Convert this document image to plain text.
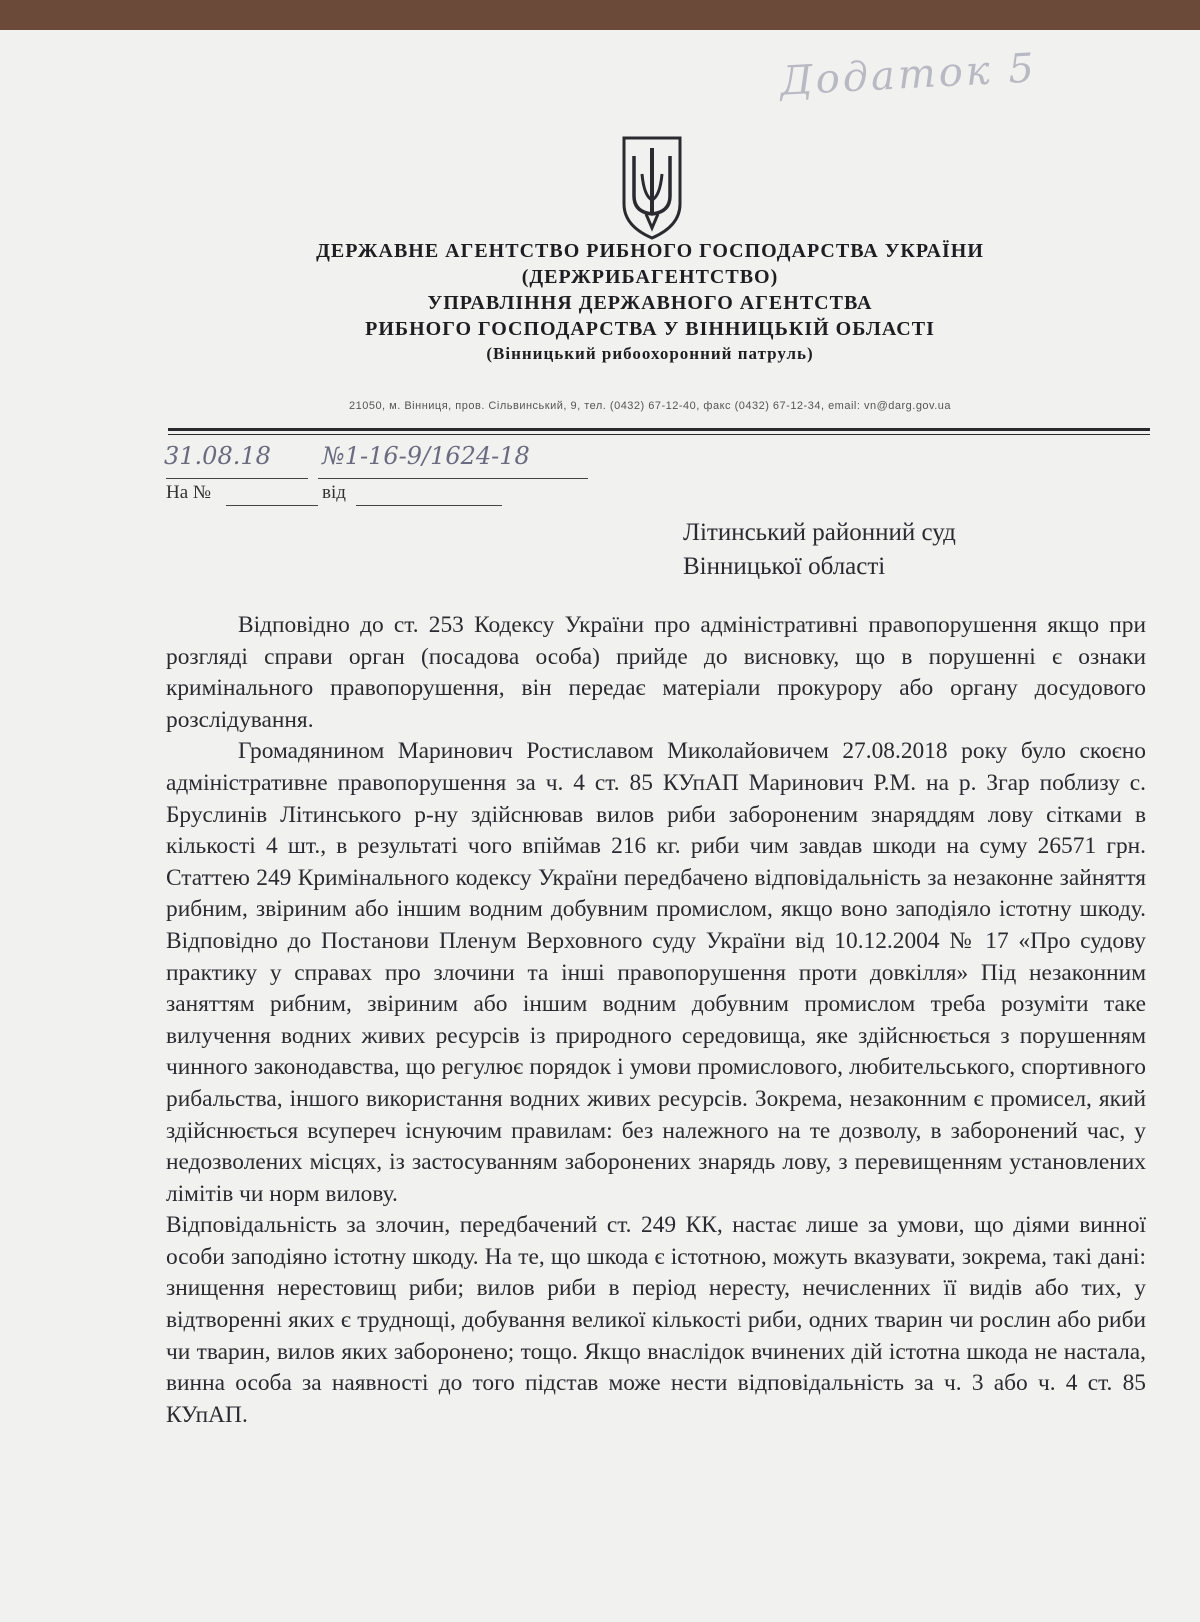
Додаток 5
ДЕРЖАВНЕ АГЕНТСТВО РИБНОГО ГОСПОДАРСТВА УКРАЇНИ
(ДЕРЖРИБАГЕНТСТВО)
УПРАВЛІННЯ ДЕРЖАВНОГО АГЕНТСТВА
РИБНОГО ГОСПОДАРСТВА У ВІННИЦЬКІЙ ОБЛАСТІ
(Вінницький рибоохоронний патруль)
21050, м. Вінниця, пров. Сільвинський, 9, тел. (0432) 67-12-40, факс (0432) 67-12-34, email: vn@darg.gov.ua
31.08.18 №1-16-9/1624-18
На №	від
Літинський районний суд
Вінницької області

Відповідно до ст. 253 Кодексу України про адміністративні правопорушення якщо при розгляді справи орган (посадова особа) прийде до висновку, що в порушенні є ознаки кримінального правопорушення, він передає матеріали прокурору або органу досудового розслідування.

Громадянином Маринович Ростиславом Миколайовичем 27.08.2018 року було скоєно адміністративне правопорушення за ч. 4 ст. 85 КУпАП Маринович Р.М. на р. Згар поблизу с. Бруслинів Літинського р-ну здійснював вилов риби забороненим знаряддям лову сітками в кількості 4 шт., в результаті чого впіймав 216 кг. риби чим завдав шкоди на суму 26571 грн. Статтею 249 Кримінального кодексу України передбачено відповідальність за незаконне зайняття рибним, звіриним або іншим водним добувним промислом, якщо воно заподіяло істотну шкоду. Відповідно до Постанови Пленум Верховного суду України від 10.12.2004 № 17 «Про судову практику у справах про злочини та інші правопорушення проти довкілля» Під незаконним заняттям рибним, звіриним або іншим водним добувним промислом треба розуміти таке вилучення водних живих ресурсів із природного середовища, яке здійснюється з порушенням чинного законодавства, що регулює порядок і умови промислового, любительського, спортивного рибальства, іншого використання водних живих ресурсів. Зокрема, незаконним є промисел, який здійснюється всупереч існуючим правилам: без належного на те дозволу, в заборонений час, у недозволених місцях, із застосуванням заборонених знарядь лову, з перевищенням установлених лімітів чи норм вилову.

Відповідальність за злочин, передбачений ст. 249 КК, настає лише за умови, що діями винної особи заподіяно істотну шкоду. На те, що шкода є істотною, можуть вказувати, зокрема, такі дані: знищення нерестовищ риби; вилов риби в період нересту, нечисленних її видів або тих, у відтворенні яких є труднощі, добування великої кількості риби, одних тварин чи рослин або риби чи тварин, вилов яких заборонено; тощо. Якщо внаслідок вчинених дій істотна шкода не настала, винна особа за наявності до того підстав може нести відповідальність за ч. 3 або ч. 4 ст. 85 КУпАП.
